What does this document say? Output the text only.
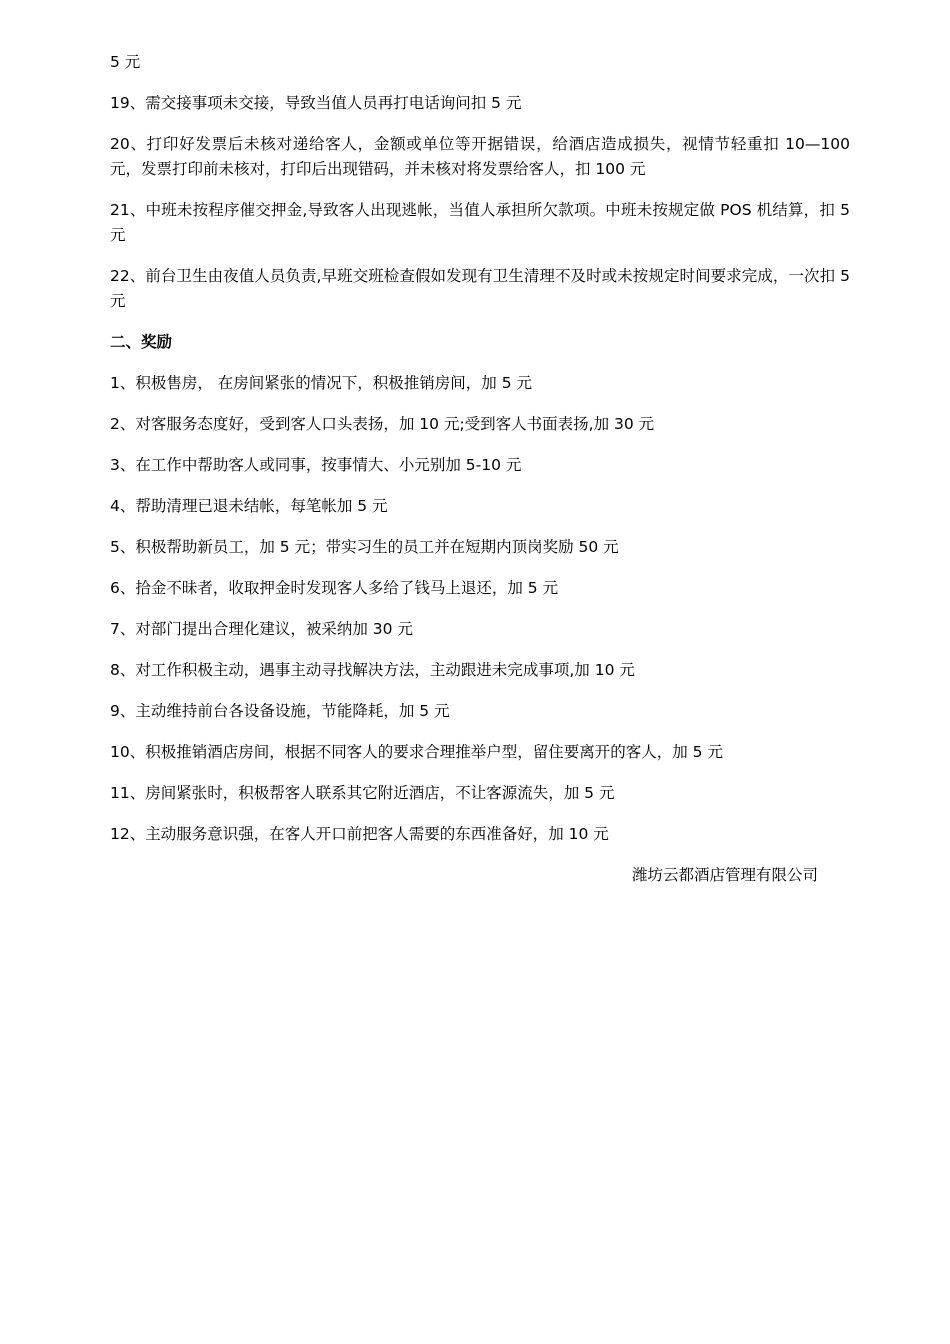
5 元

19、需交接事项未交接，导致当值人员再打电话询问扣 5 元

20、打印好发票后未核对递给客人，金额或单位等开据错误，给酒店造成损失，视情节轻重扣 10—100 元，发票打印前未核对，打印后出现错码，并未核对将发票给客人，扣 100 元

21、中班未按程序催交押金,导致客人出现逃帐，当值人承担所欠款项。中班未按规定做 POS 机结算，扣 5 元

22、前台卫生由夜值人员负责,早班交班检查假如发现有卫生清理不及时或未按规定时间要求完成，一次扣 5 元

二、奖励

1、积极售房， 在房间紧张的情况下，积极推销房间，加 5 元

2、对客服务态度好，受到客人口头表扬，加 10 元;受到客人书面表扬,加 30 元

3、在工作中帮助客人或同事，按事情大、小元别加 5-10 元

4、帮助清理已退未结帐，每笔帐加 5 元

5、积极帮助新员工，加 5 元；带实习生的员工并在短期内顶岗奖励 50 元

6、拾金不昧者，收取押金时发现客人多给了钱马上退还，加 5 元

7、对部门提出合理化建议，被采纳加 30 元

8、对工作积极主动，遇事主动寻找解决方法，主动跟进未完成事项,加 10 元

9、主动维持前台各设备设施，节能降耗，加 5 元

10、积极推销酒店房间，根据不同客人的要求合理推举户型，留住要离开的客人，加 5 元

11、房间紧张时，积极帮客人联系其它附近酒店，不让客源流失，加 5 元

12、主动服务意识强，在客人开口前把客人需要的东西准备好，加 10 元

潍坊云都酒店管理有限公司
